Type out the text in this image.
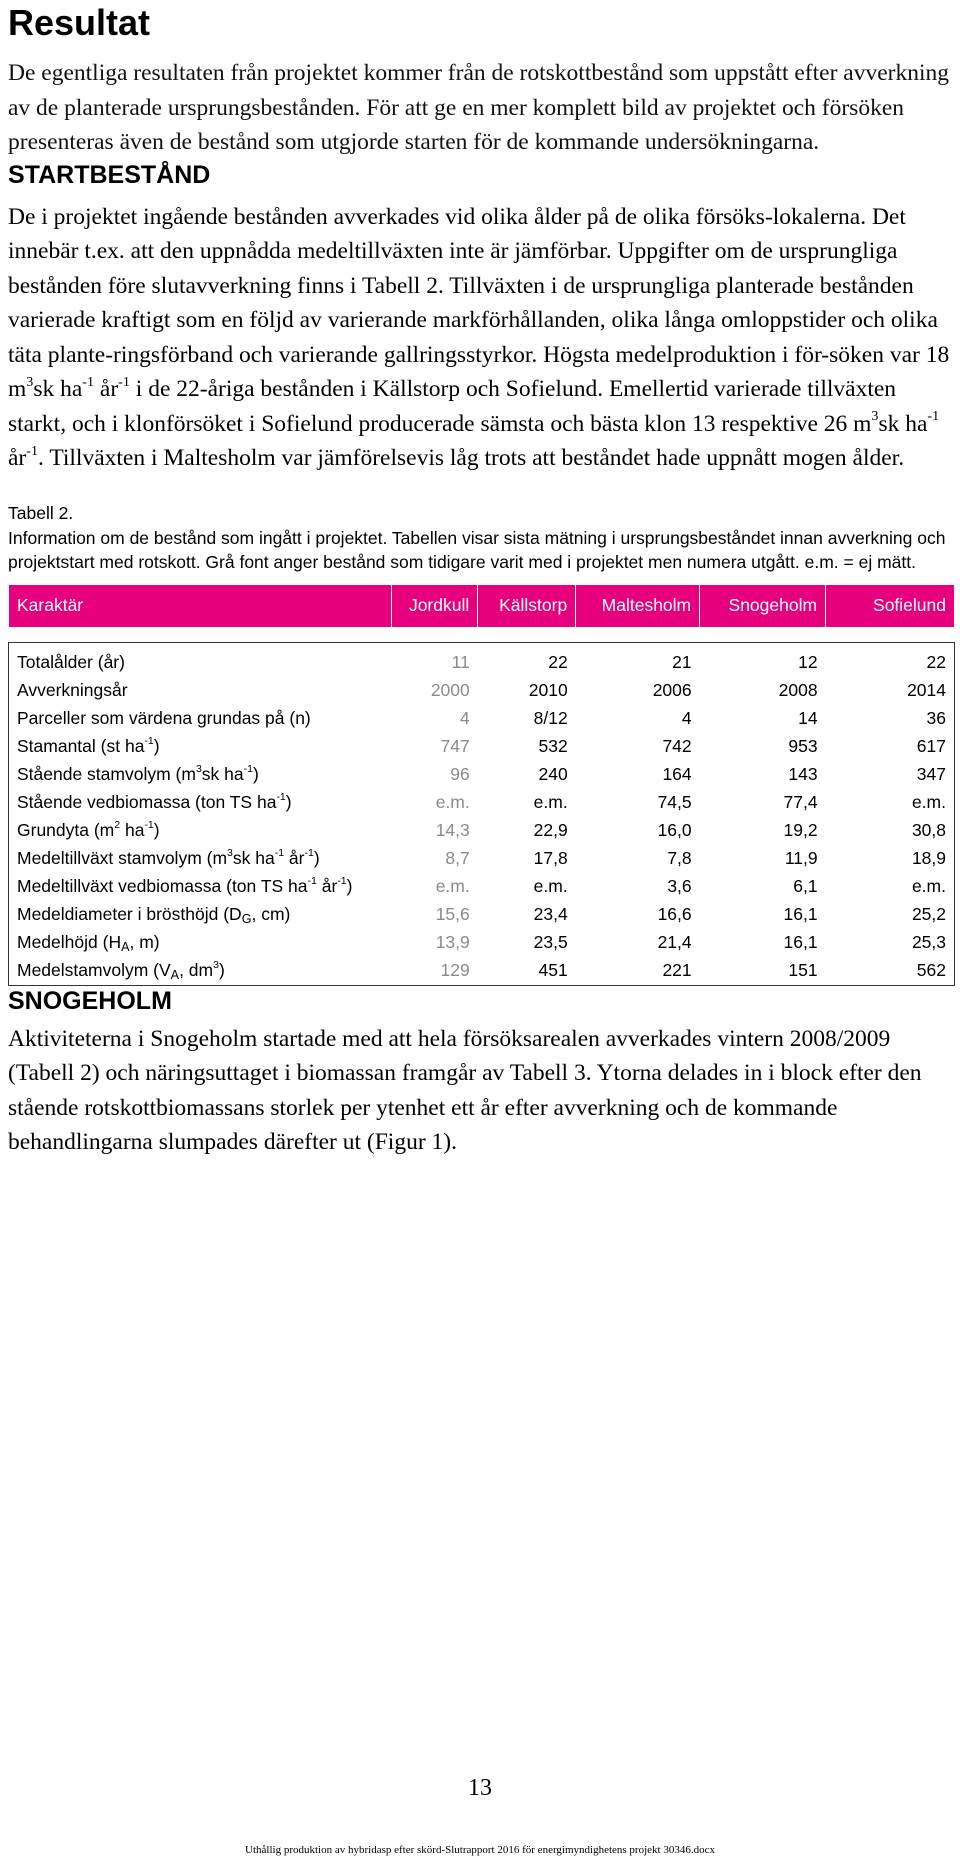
Resultat

De egentliga resultaten från projektet kommer från de rotskottbestånd som uppstått efter avverkning av de planterade ursprungsbestånden. För att ge en mer komplett bild av projektet och försöken presenteras även de bestånd som utgjorde starten för de kommande undersökningarna.

STARTBESTÅND

De i projektet ingående bestånden avverkades vid olika ålder på de olika försöks-lokalerna. Det innebär t.ex. att den uppnådda medeltillväxten inte är jämförbar. Uppgifter om de ursprungliga bestånden före slutavverkning finns i Tabell 2. Tillväxten i de ursprungliga planterade bestånden varierade kraftigt som en följd av varierande markförhållanden, olika långa omloppstider och olika täta plante-ringsförband och varierande gallringsstyrkor. Högsta medelproduktion i för-söken var 18 $m^3sk$ $ha^{-1}$ $år^{-1}$ i de 22-åriga bestånden i Källstorp och Sofielund. Emellertid varierade tillväxten starkt, och i klonförsöket i Sofielund producerade sämsta och bästa klon 13 respektive 26 $m^3sk$ $ha^{-1}$ $år^{-1}$. Tillväxten i Maltesholm var jämförelsevis låg trots att beståndet hade uppnått mogen ålder.

Tabell 2.

Information om de bestånd som ingått i projektet. Tabellen visar sista mätning i ursprungsbeståndet innan avverkning och projektstart med rotskott. Grå font anger bestånd som tidigare varit med i projektet men numera utgått. e.m. = ej mätt.

Karaktär	Jordkull	Källstorp	Maltesholm	Snogeholm	Sofielund

Totalålder (år)	11	22	21	12	22
Avverkningsår	2000	2010	2006	2008	2014
Parceller som värdena grundas på (n)	4	8/12	4	14	36
Stamantal (st $ha^{-1}$)	747	532	742	953	617
Stående stamvolym ($m^3sk$ $ha^{-1}$)	96	240	164	143	347
Stående vedbiomassa (ton TS $ha^{-1}$)	e.m.	e.m.	74,5	77,4	e.m.
Grundyta ($m^2$ $ha^{-1}$)	14,3	22,9	16,0	19,2	30,8
Medeltillväxt stamvolym ($m^3sk$ $ha^{-1}$ $år^{-1}$)	8,7	17,8	7,8	11,9	18,9
Medeltillväxt vedbiomassa (ton TS $ha^{-1}$ $år^{-1}$)	e.m.	e.m.	3,6	6,1	e.m.
Medeldiameter i brösthöjd ($D_G$, cm)	15,6	23,4	16,6	16,1	25,2
Medelhöjd ($H_A$, m)	13,9	23,5	21,4	16,1	25,3
Medelstamvolym ($V_A$, $dm^3$)	129	451	221	151	562
SNOGEHOLM

Aktiviteterna i Snogeholm startade med att hela försöksarealen avverkades vintern 2008/2009 (Tabell 2) och näringsuttaget i biomassan framgår av Tabell 3. Ytorna delades in i block efter den stående rotskottbiomassans storlek per ytenhet ett år efter avverkning och de kommande behandlingarna slumpades därefter ut (Figur 1).

13
Uthållig produktion av hybridasp efter skörd-Slutrapport 2016 för energimyndighetens projekt 30346.docx
